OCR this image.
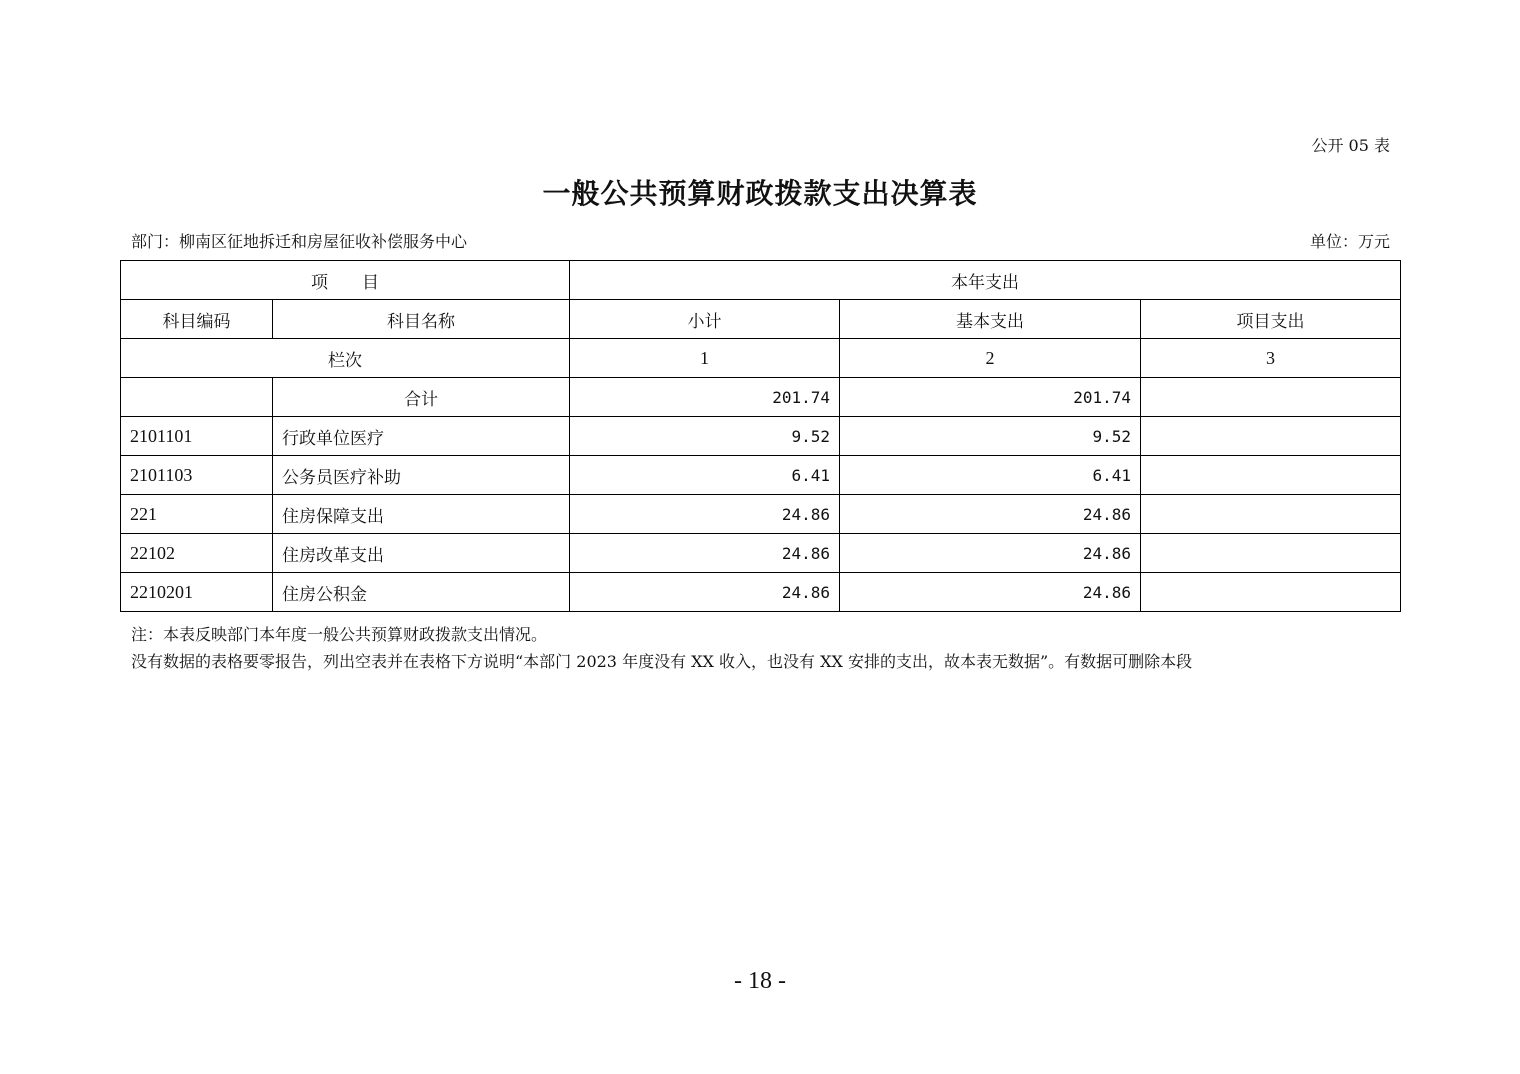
公开 05 表
一般公共预算财政拨款支出决算表
部门：柳南区征地拆迁和房屋征收补偿服务中心	单位：万元
项　　目		本年支出		
科目编码	科目名称	小计	基本支出	项目支出
栏次		1	2	3
	合计	201.74	201.74	
2101101	行政单位医疗	9.52	9.52	
2101103	公务员医疗补助	6.41	6.41	
221	住房保障支出	24.86	24.86	
22102	住房改革支出	24.86	24.86	
2210201	住房公积金	24.86	24.86	
注：本表反映部门本年度一般公共预算财政拨款支出情况。
没有数据的表格要零报告，列出空表并在表格下方说明“本部门 2023 年度没有 XX 收入，也没有 XX 安排的支出，故本表无数据”。有数据可删除本段
- 18 -
